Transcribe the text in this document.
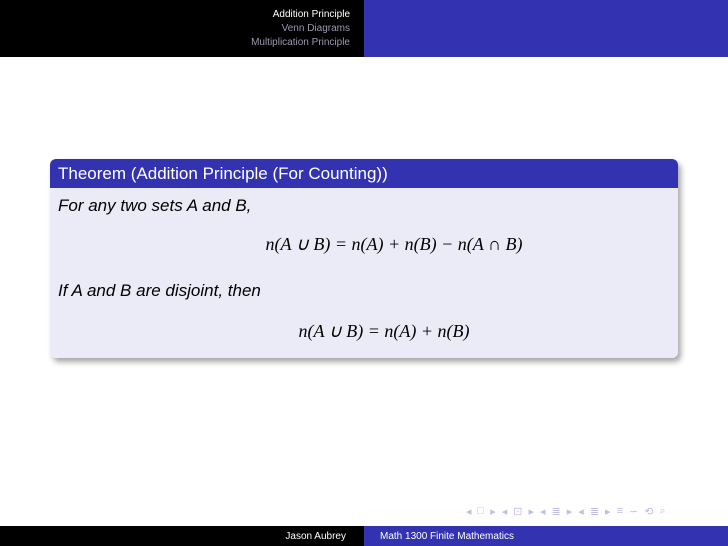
Addition Principle
Venn Diagrams
Multiplication Principle
Theorem (Addition Principle (For Counting))

For any two sets A and B,

n(A ∪ B) = n(A) + n(B) − n(A ∩ B)

If A and B are disjoint, then

n(A ∪ B) = n(A) + n(B)
◂ □ ▸ ◂ ⊡ ▸ ◂ ≣ ▸ ◂ ≣ ▸ ≡ ∽ ⟲ ⌕
Jason Aubrey	Math 1300 Finite Mathematics
